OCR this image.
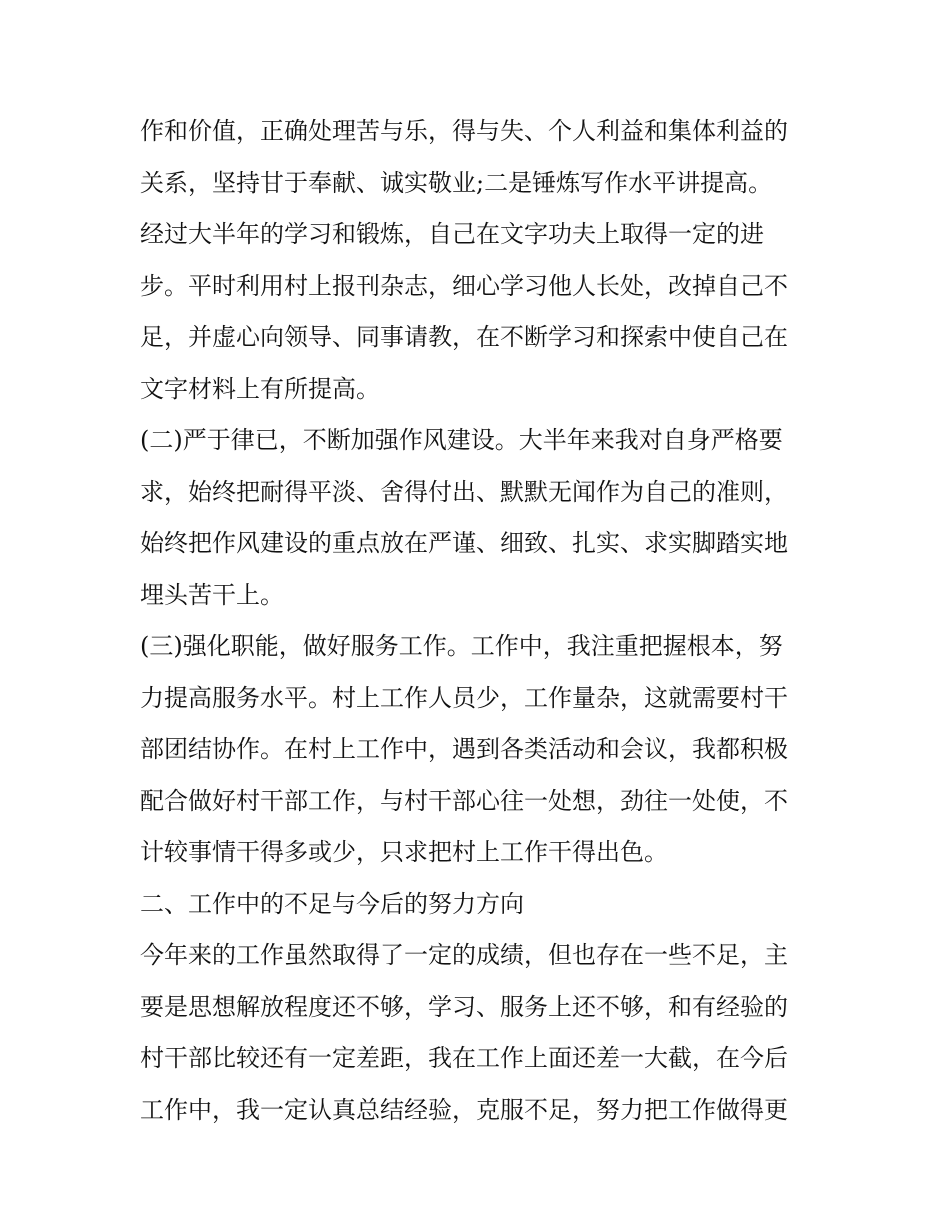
作和价值，正确处理苦与乐，得与失、个人利益和集体利益的
关系，坚持甘于奉献、诚实敬业;二是锤炼写作水平讲提高。
经过大半年的学习和锻炼，自己在文字功夫上取得一定的进
步。平时利用村上报刊杂志，细心学习他人长处，改掉自己不
足，并虚心向领导、同事请教，在不断学习和探索中使自己在
文字材料上有所提高。
(二)严于律已，不断加强作风建设。大半年来我对自身严格要
求，始终把耐得平淡、舍得付出、默默无闻作为自己的准则，
始终把作风建设的重点放在严谨、细致、扎实、求实脚踏实地
埋头苦干上。
(三)强化职能，做好服务工作。工作中，我注重把握根本，努
力提高服务水平。村上工作人员少，工作量杂，这就需要村干
部团结协作。在村上工作中，遇到各类活动和会议，我都积极
配合做好村干部工作，与村干部心往一处想，劲往一处使，不
计较事情干得多或少，只求把村上工作干得出色。
二、工作中的不足与今后的努力方向
今年来的工作虽然取得了一定的成绩，但也存在一些不足，主
要是思想解放程度还不够，学习、服务上还不够，和有经验的
村干部比较还有一定差距，我在工作上面还差一大截，在今后
工作中，我一定认真总结经验，克服不足，努力把工作做得更
